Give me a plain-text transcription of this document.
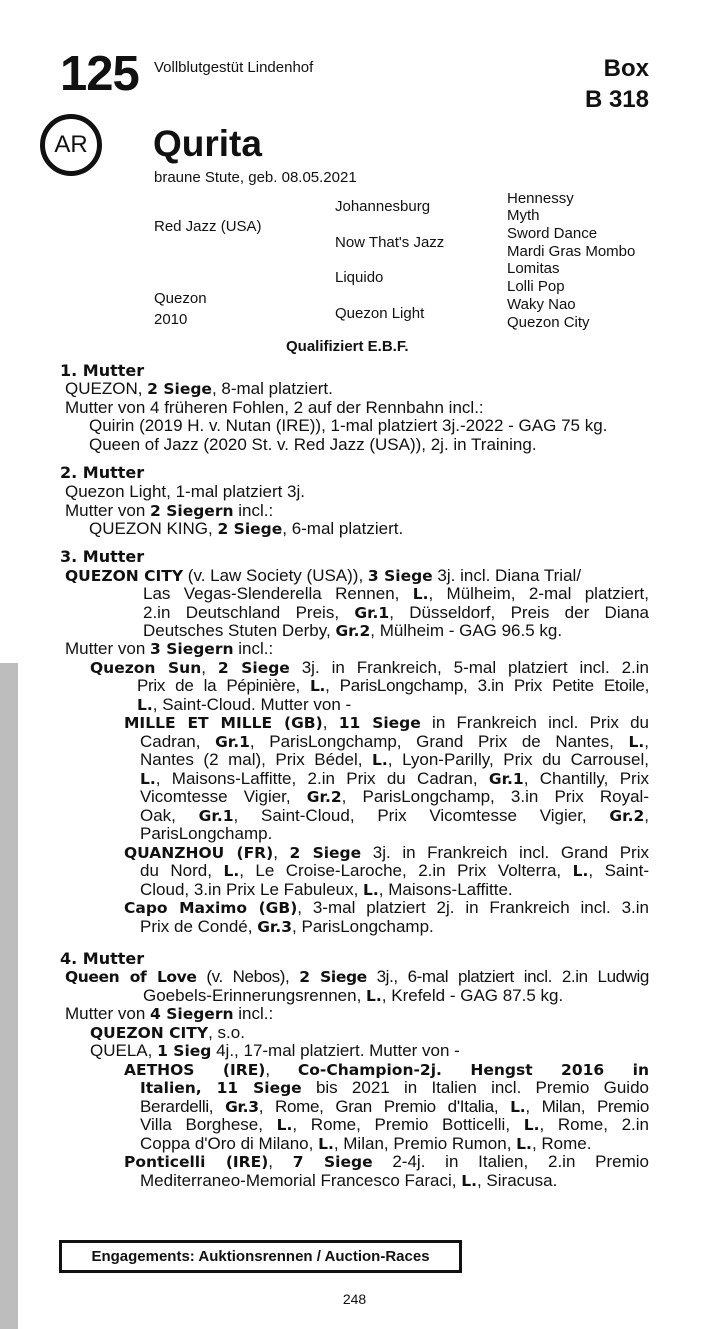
125 Vollblutgestüt Lindenhof	Box
B 318
AR Qurita
braune Stute, geb. 08.05.2021
Red Jazz (USA)
Quezon
2010
Johannesburg
Now That's Jazz
Liquido
Quezon Light
Hennessy
Myth
Sword Dance
Mardi Gras Mombo
Lomitas
Lolli Pop
Waky Nao
Quezon City
Qualifiziert E.B.F.
1. Mutter
QUEZON, 2 Siege, 8-mal platziert.
Mutter von 4 früheren Fohlen, 2 auf der Rennbahn incl.:
Quirin (2019 H. v. Nutan (IRE)), 1-mal platziert 3j.-2022 - GAG 75 kg.
Queen of Jazz (2020 St. v. Red Jazz (USA)), 2j. in Training.
2. Mutter
Quezon Light, 1-mal platziert 3j.
Mutter von 2 Siegern incl.:
QUEZON KING, 2 Siege, 6-mal platziert.
3. Mutter
QUEZON CITY (v. Law Society (USA)), 3 Siege 3j. incl. Diana Trial/
Las Vegas-Slenderella Rennen, L., Mülheim, 2-mal platziert,
2.in Deutschland Preis, Gr.1, Düsseldorf, Preis der Diana
Deutsches Stuten Derby, Gr.2, Mülheim - GAG 96.5 kg.
Mutter von 3 Siegern incl.:
Quezon Sun, 2 Siege 3j. in Frankreich, 5-mal platziert incl. 2.in
Prix de la Pépinière, L., ParisLongchamp, 3.in Prix Petite Etoile,
L., Saint-Cloud. Mutter von -
MILLE ET MILLE (GB), 11 Siege in Frankreich incl. Prix du
Cadran, Gr.1, ParisLongchamp, Grand Prix de Nantes, L.,
Nantes (2 mal), Prix Bédel, L., Lyon-Parilly, Prix du Carrousel,
L., Maisons-Laffitte, 2.in Prix du Cadran, Gr.1, Chantilly, Prix
Vicomtesse Vigier, Gr.2, ParisLongchamp, 3.in Prix Royal-
Oak, Gr.1, Saint-Cloud, Prix Vicomtesse Vigier, Gr.2,
ParisLongchamp.
QUANZHOU (FR), 2 Siege 3j. in Frankreich incl. Grand Prix
du Nord, L., Le Croise-Laroche, 2.in Prix Volterra, L., Saint-
Cloud, 3.in Prix Le Fabuleux, L., Maisons-Laffitte.
Capo Maximo (GB), 3-mal platziert 2j. in Frankreich incl. 3.in
Prix de Condé, Gr.3, ParisLongchamp.
4. Mutter
Queen of Love (v. Nebos), 2 Siege 3j., 6-mal platziert incl. 2.in Ludwig
Goebels-Erinnerungsrennen, L., Krefeld - GAG 87.5 kg.
Mutter von 4 Siegern incl.:
QUEZON CITY, s.o.
QUELA, 1 Sieg 4j., 17-mal platziert. Mutter von -
AETHOS (IRE), Co-Champion-2j. Hengst 2016 in
Italien, 11 Siege bis 2021 in Italien incl. Premio Guido
Berardelli, Gr.3, Rome, Gran Premio d'Italia, L., Milan, Premio
Villa Borghese, L., Rome, Premio Botticelli, L., Rome, 2.in
Coppa d'Oro di Milano, L., Milan, Premio Rumon, L., Rome.
Ponticelli (IRE), 7 Siege 2-4j. in Italien, 2.in Premio
Mediterraneo-Memorial Francesco Faraci, L., Siracusa.
Engagements: Auktionsrennen / Auction-Races
248
